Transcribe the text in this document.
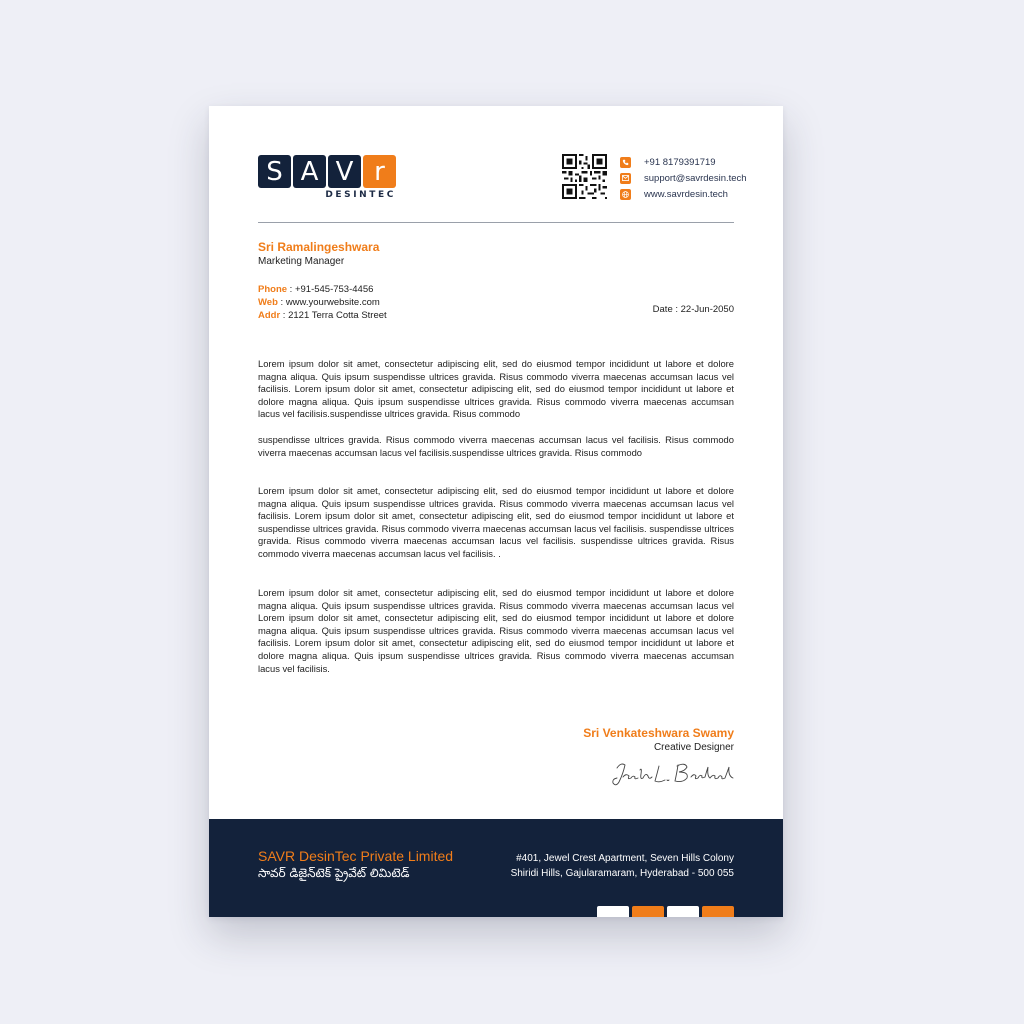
S A V r
DESINTEC
+91 8179391719
support@savrdesin.tech
www.savrdesin.tech
Sri Ramalingeshwara
Marketing Manager
Phone : +91-545-753-4456
Web : www.yourwebsite.com
Addr : 2121 Terra Cotta Street
Date : 22-Jun-2050

Lorem ipsum dolor sit amet, consectetur adipiscing elit, sed do eiusmod tempor incididunt ut labore et dolore magna aliqua. Quis ipsum suspendisse ultrices gravida. Risus commodo viverra maecenas accumsan lacus vel facilisis. Lorem ipsum dolor sit amet, consectetur adipiscing elit, sed do eiusmod tempor incididunt ut labore et dolore magna aliqua. Quis ipsum suspendisse ultrices gravida. Risus commodo viverra maecenas accumsan lacus vel facilisis.suspendisse ultrices gravida. Risus commodo

suspendisse ultrices gravida. Risus commodo viverra maecenas accumsan lacus vel facilisis. Risus commodo viverra maecenas accumsan lacus vel facilisis.suspendisse ultrices gravida. Risus commodo

Lorem ipsum dolor sit amet, consectetur adipiscing elit, sed do eiusmod tempor incididunt ut labore et dolore magna aliqua. Quis ipsum suspendisse ultrices gravida. Risus commodo viverra maecenas accumsan lacus vel facilisis. Lorem ipsum dolor sit amet, consectetur adipiscing elit, sed do eiusmod tempor incididunt ut labore et suspendisse ultrices gravida. Risus commodo viverra maecenas accumsan lacus vel facilisis. suspendisse ultrices gravida. Risus commodo viverra maecenas accumsan lacus vel facilisis. suspendisse ultrices gravida. Risus commodo viverra maecenas accumsan lacus vel facilisis. .

Lorem ipsum dolor sit amet, consectetur adipiscing elit, sed do eiusmod tempor incididunt ut labore et dolore magna aliqua. Quis ipsum suspendisse ultrices gravida. Risus commodo viverra maecenas accumsan lacus vel Lorem ipsum dolor sit amet, consectetur adipiscing elit, sed do eiusmod tempor incididunt ut labore et dolore magna aliqua. Quis ipsum suspendisse ultrices gravida. Risus commodo viverra maecenas accumsan lacus vel facilisis. Lorem ipsum dolor sit amet, consectetur adipiscing elit, sed do eiusmod tempor incididunt ut labore et dolore magna aliqua. Quis ipsum suspendisse ultrices gravida. Risus commodo viverra maecenas accumsan lacus vel facilisis.

Sri Venkateshwara Swamy
Creative Designer
SAVR DesinTec Private Limited
సావర్ డిజైన్‌టెక్ ప్రైవేట్ లిమిటెడ్
#401, Jewel Crest Apartment, Seven Hills Colony
Shiridi Hills, Gajularamaram, Hyderabad - 500 055
